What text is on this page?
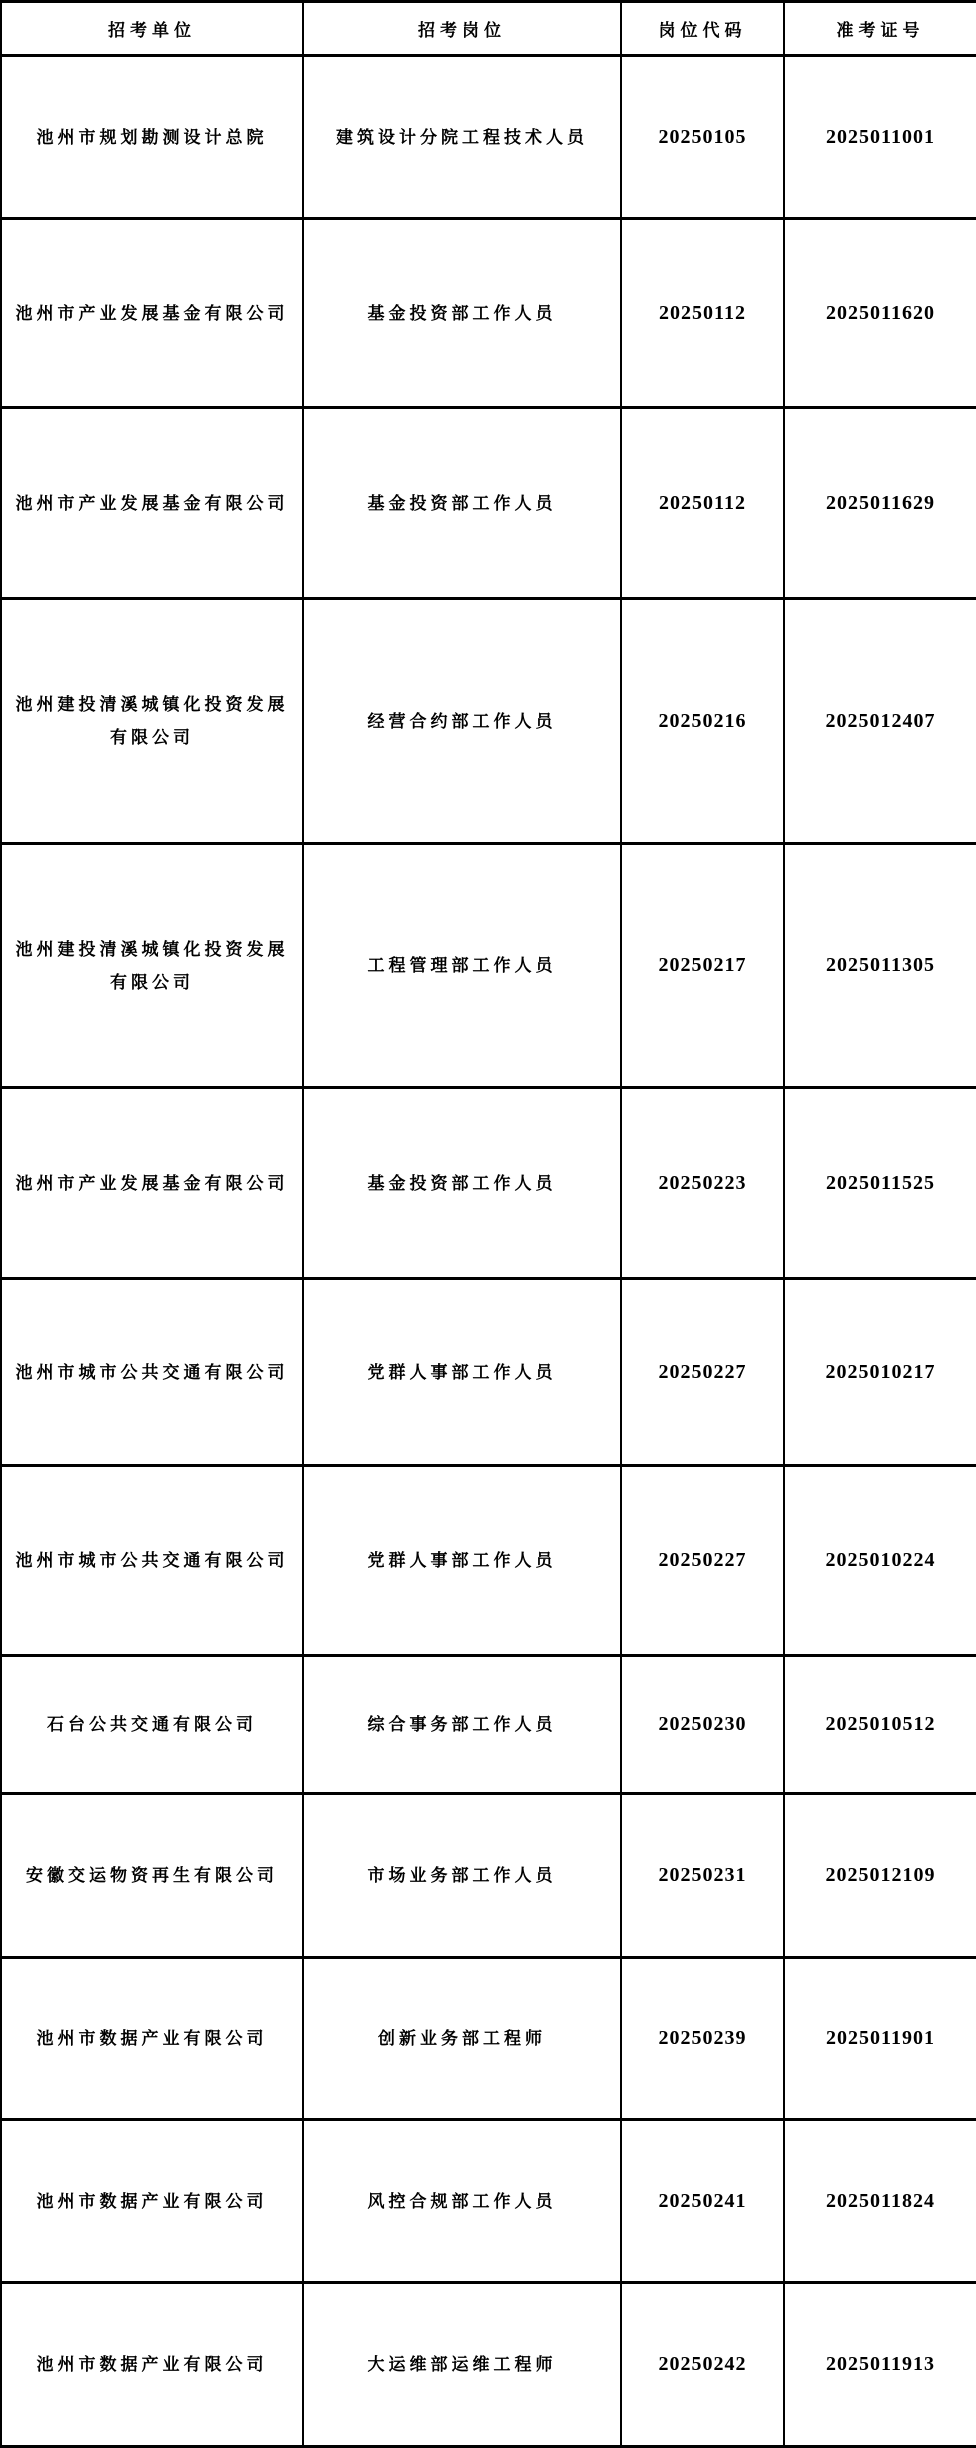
招考单位	招考岗位	岗位代码	准考证号
池州市规划勘测设计总院	建筑设计分院工程技术人员	20250105	2025011001
池州市产业发展基金有限公司	基金投资部工作人员	20250112	2025011620
池州市产业发展基金有限公司	基金投资部工作人员	20250112	2025011629
池州建投清溪城镇化投资发展有限公司	经营合约部工作人员	20250216	2025012407
池州建投清溪城镇化投资发展有限公司	工程管理部工作人员	20250217	2025011305
池州市产业发展基金有限公司	基金投资部工作人员	20250223	2025011525
池州市城市公共交通有限公司	党群人事部工作人员	20250227	2025010217
池州市城市公共交通有限公司	党群人事部工作人员	20250227	2025010224
石台公共交通有限公司	综合事务部工作人员	20250230	2025010512
安徽交运物资再生有限公司	市场业务部工作人员	20250231	2025012109
池州市数据产业有限公司	创新业务部工程师	20250239	2025011901
池州市数据产业有限公司	风控合规部工作人员	20250241	2025011824
池州市数据产业有限公司	大运维部运维工程师	20250242	2025011913
